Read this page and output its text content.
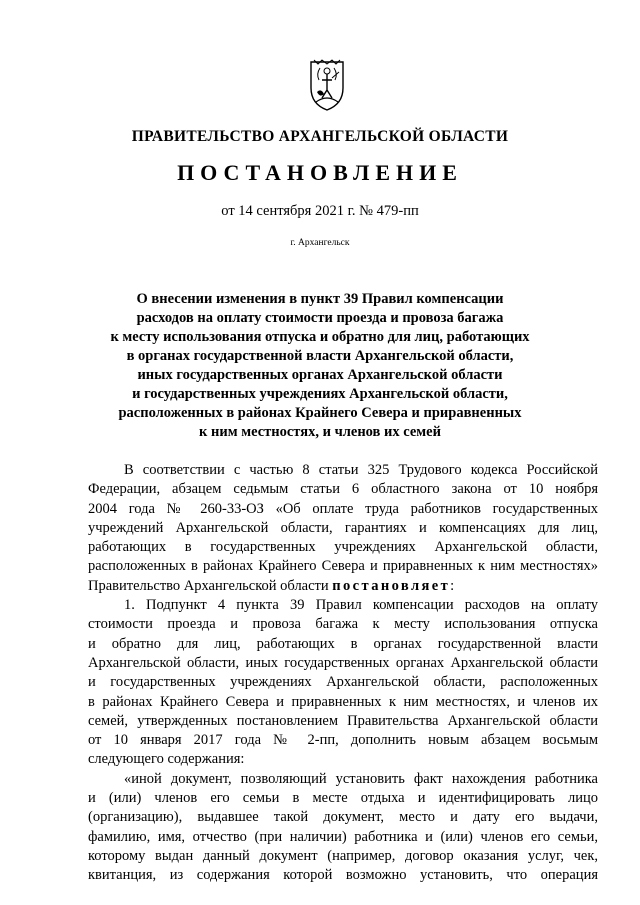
ПРАВИТЕЛЬСТВО АРХАНГЕЛЬСКОЙ ОБЛАСТИ
ПОСТАНОВЛЕНИЕ
от 14 сентября 2021 г. № 479-пп
г. Архангельск
О внесении изменения в пункт 39 Правил компенсации
расходов на оплату стоимости проезда и провоза багажа
к месту использования отпуска и обратно для лиц, работающих
в органах государственной власти Архангельской области,
иных государственных органах Архангельской области
и государственных учреждениях Архангельской области,
расположенных в районах Крайнего Севера и приравненных
к ним местностях, и членов их семей
В соответствии с частью 8 статьи 325 Трудового кодекса Российской
Федерации, абзацем седьмым статьи 6 областного закона от 10 ноября
2004 года № 260-33-ОЗ «Об оплате труда работников государственных
учреждений Архангельской области, гарантиях и компенсациях для лиц,
работающих в государственных учреждениях Архангельской области,
расположенных в районах Крайнего Севера и приравненных к ним местностях»
Правительство Архангельской области постановляет:
1. Подпункт 4 пункта 39 Правил компенсации расходов на оплату
стоимости проезда и провоза багажа к месту использования отпуска
и обратно для лиц, работающих в органах государственной власти
Архангельской области, иных государственных органах Архангельской области
и государственных учреждениях Архангельской области, расположенных
в районах Крайнего Севера и приравненных к ним местностях, и членов их
семей, утвержденных постановлением Правительства Архангельской области
от 10 января 2017 года № 2-пп, дополнить новым абзацем восьмым
следующего содержания:
«иной документ, позволяющий установить факт нахождения работника
и (или) членов его семьи в месте отдыха и идентифицировать лицо
(организацию), выдавшее такой документ, место и дату его выдачи,
фамилию, имя, отчество (при наличии) работника и (или) членов его семьи,
которому выдан данный документ (например, договор оказания услуг, чек,
квитанция, из содержания которой возможно установить, что операция
